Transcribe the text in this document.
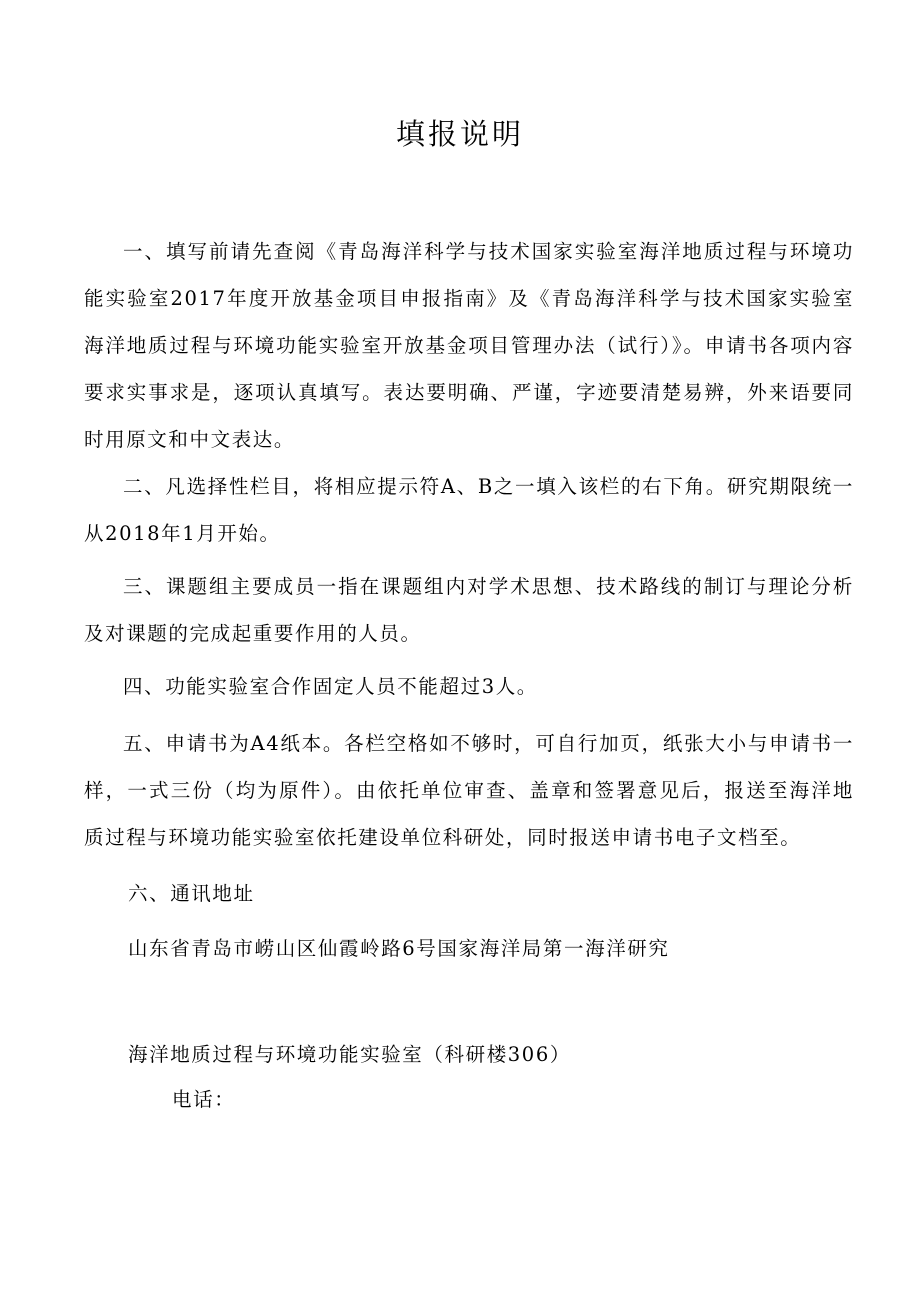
填报说明

一、填写前请先查阅《青岛海洋科学与技术国家实验室海洋地质过程与环境功能实验室2017年度开放基金项目申报指南》及《青岛海洋科学与技术国家实验室海洋地质过程与环境功能实验室开放基金项目管理办法（试行）》。申请书各项内容要求实事求是，逐项认真填写。表达要明确、严谨，字迹要清楚易辨，外来语要同时用原文和中文表达。

二、凡选择性栏目，将相应提示符A、B之一填入该栏的右下角。研究期限统一从2018年1月开始。

三、课题组主要成员一指在课题组内对学术思想、技术路线的制订与理论分析及对课题的完成起重要作用的人员。

四、功能实验室合作固定人员不能超过3人。

五、申请书为A4纸本。各栏空格如不够时，可自行加页，纸张大小与申请书一样，一式三份（均为原件）。由依托单位审查、盖章和签署意见后，报送至海洋地质过程与环境功能实验室依托建设单位科研处，同时报送申请书电子文档至。

六、通讯地址

山东省青岛市崂山区仙霞岭路6号国家海洋局第一海洋研究

海洋地质过程与环境功能实验室（科研楼306）

电话：
